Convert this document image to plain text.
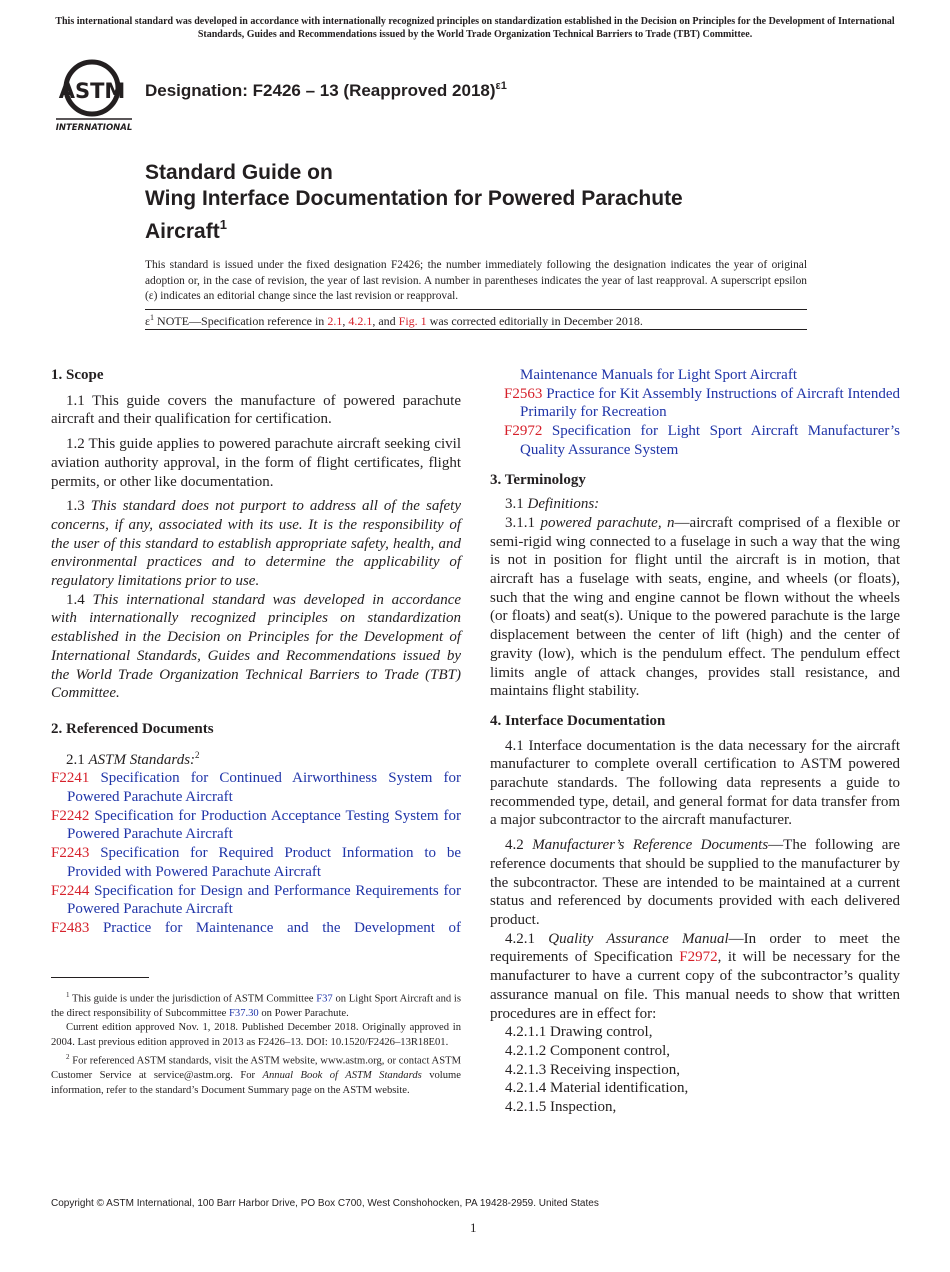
This international standard was developed in accordance with internationally recognized principles on standardization established in the Decision on Principles for the Development of International Standards, Guides and Recommendations issued by the World Trade Organization Technical Barriers to Trade (TBT) Committee.
ASTM
INTERNATIONAL
Designation: F2426 – 13 (Reapproved 2018)$^{\varepsilon 1}$
Standard Guide on
Wing Interface Documentation for Powered Parachute
Aircraft$^1$
This standard is issued under the fixed designation F2426; the number immediately following the designation indicates the year of original adoption or, in the case of revision, the year of last revision. A number in parentheses indicates the year of last reapproval. A superscript epsilon (ε) indicates an editorial change since the last revision or reapproval.
$\varepsilon^1$ NOTE—Specification reference in 2.1, 4.2.1, and Fig. 1 was corrected editorially in December 2018.
1. Scope
1.1 This guide covers the manufacture of powered parachute aircraft and their qualification for certification.
1.2 This guide applies to powered parachute aircraft seeking civil aviation authority approval, in the form of flight certificates, flight permits, or other like documentation.
1.3 This standard does not purport to address all of the safety concerns, if any, associated with its use. It is the responsibility of the user of this standard to establish appropriate safety, health, and environmental practices and to determine the applicability of regulatory limitations prior to use.
1.4 This international standard was developed in accordance with internationally recognized principles on standardization established in the Decision on Principles for the Development of International Standards, Guides and Recommendations issued by the World Trade Organization Technical Barriers to Trade (TBT) Committee.
2. Referenced Documents
2.1 ASTM Standards:$^2$
F2241 Specification for Continued Airworthiness System for Powered Parachute Aircraft
F2242 Specification for Production Acceptance Testing System for Powered Parachute Aircraft
F2243 Specification for Required Product Information to be Provided with Powered Parachute Aircraft
F2244 Specification for Design and Performance Requirements for Powered Parachute Aircraft
F2483 Practice for Maintenance and the Development of
Maintenance Manuals for Light Sport Aircraft
F2563 Practice for Kit Assembly Instructions of Aircraft Intended Primarily for Recreation
F2972 Specification for Light Sport Aircraft Manufacturer’s Quality Assurance System
3. Terminology
3.1 Definitions:
3.1.1 powered parachute, n—aircraft comprised of a flexible or semi-rigid wing connected to a fuselage in such a way that the wing is not in position for flight until the aircraft is in motion, that aircraft has a fuselage with seats, engine, and wheels (or floats), such that the wing and engine cannot be flown without the wheels (or floats) and seat(s). Unique to the powered parachute is the large displacement between the center of lift (high) and the center of gravity (low), which is the pendulum effect. The pendulum effect limits angle of attack changes, provides stall resistance, and maintains flight stability.
4. Interface Documentation
4.1 Interface documentation is the data necessary for the aircraft manufacturer to complete overall certification to ASTM powered parachute standards. The following data represents a guide to recommended type, detail, and general format for data transfer from a major subcontractor to the aircraft manufacturer.
4.2 Manufacturer’s Reference Documents—The following are reference documents that should be supplied to the manufacturer by the subcontractor. These are intended to be maintained at a current status and referenced by documents provided with each delivered product.
4.2.1 Quality Assurance Manual—In order to meet the requirements of Specification F2972, it will be necessary for the manufacturer to have a current copy of the subcontractor’s quality assurance manual on file. This manual needs to show that written procedures are in effect for:
4.2.1.1 Drawing control,
4.2.1.2 Component control,
4.2.1.3 Receiving inspection,
4.2.1.4 Material identification,
4.2.1.5 Inspection,
$^1$ This guide is under the jurisdiction of ASTM Committee F37 on Light Sport Aircraft and is the direct responsibility of Subcommittee F37.30 on Power Parachute.
Current edition approved Nov. 1, 2018. Published December 2018. Originally approved in 2004. Last previous edition approved in 2013 as F2426–13. DOI: 10.1520/F2426–13R18E01.
$^2$ For referenced ASTM standards, visit the ASTM website, www.astm.org, or contact ASTM Customer Service at service@astm.org. For Annual Book of ASTM Standards volume information, refer to the standard’s Document Summary page on the ASTM website.
Copyright © ASTM International, 100 Barr Harbor Drive, PO Box C700, West Conshohocken, PA 19428-2959. United States
1
